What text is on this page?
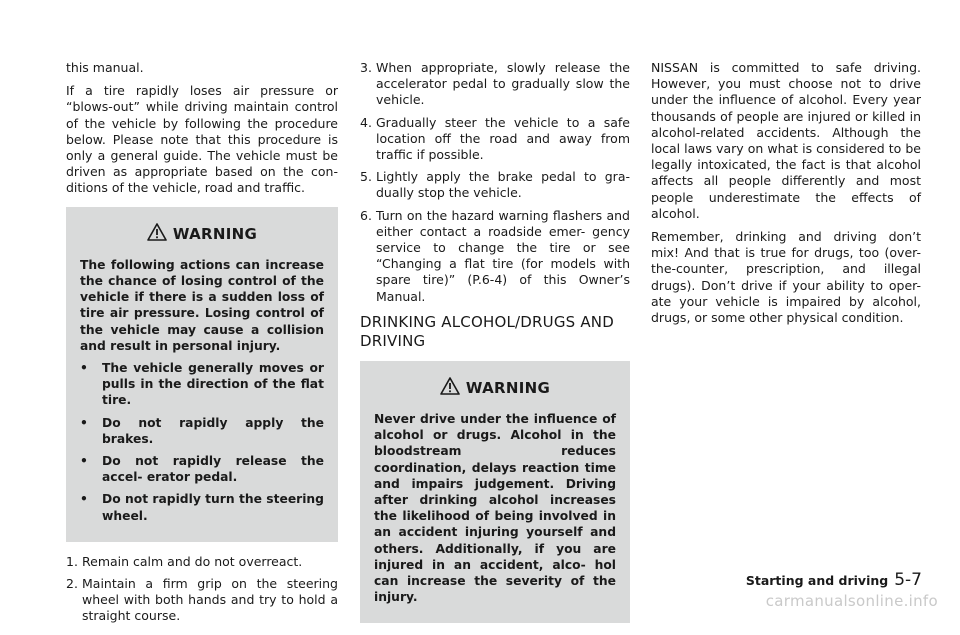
this manual.

If a tire rapidly loses air pressure or “blows-out” while driving maintain control of the vehicle by following the procedure below. Please note that this procedure is only a general guide. The vehicle must be driven as appropriate based on the con- ditions of the vehicle, road and traffic.

WARNING

The following actions can increase the chance of losing control of the vehicle if there is a sudden loss of tire air pressure. Losing control of the vehicle may cause a collision and result in personal injury.

•	The vehicle generally moves or pulls in the direction of the flat tire.
•	Do not rapidly apply the brakes.
•	Do not rapidly release the accel- erator pedal.
•	Do not rapidly turn the steering wheel.
1. Remain calm and do not overreact.
2. Maintain a firm grip on the steering wheel with both hands and try to hold a straight course.
3. When appropriate, slowly release the accelerator pedal to gradually slow the vehicle.
4. Gradually steer the vehicle to a safe location off the road and away from traffic if possible.
5. Lightly apply the brake pedal to gra- dually stop the vehicle.
6. Turn on the hazard warning flashers and either contact a roadside emer- gency service to change the tire or see “Changing a flat tire (for models with spare tire)” (P.6-4) of this Owner’s Manual.
DRINKING ALCOHOL/DRUGS AND DRIVING
WARNING

Never drive under the influence of alcohol or drugs. Alcohol in the bloodstream reduces coordination, delays reaction time and impairs judgement. Driving after drinking alcohol increases the likelihood of being involved in an accident injuring yourself and others. Additionally, if you are injured in an accident, alco- hol can increase the severity of the injury.

NISSAN is committed to safe driving. However, you must choose not to drive under the influence of alcohol. Every year thousands of people are injured or killed in alcohol-related accidents. Although the local laws vary on what is considered to be legally intoxicated, the fact is that alcohol affects all people differently and most people underestimate the effects of alcohol.

Remember, drinking and driving don’t mix! And that is true for drugs, too (over- the-counter, prescription, and illegal drugs). Don’t drive if your ability to oper- ate your vehicle is impaired by alcohol, drugs, or some other physical condition.

Starting and driving 5-7
carmanualsonline.info
